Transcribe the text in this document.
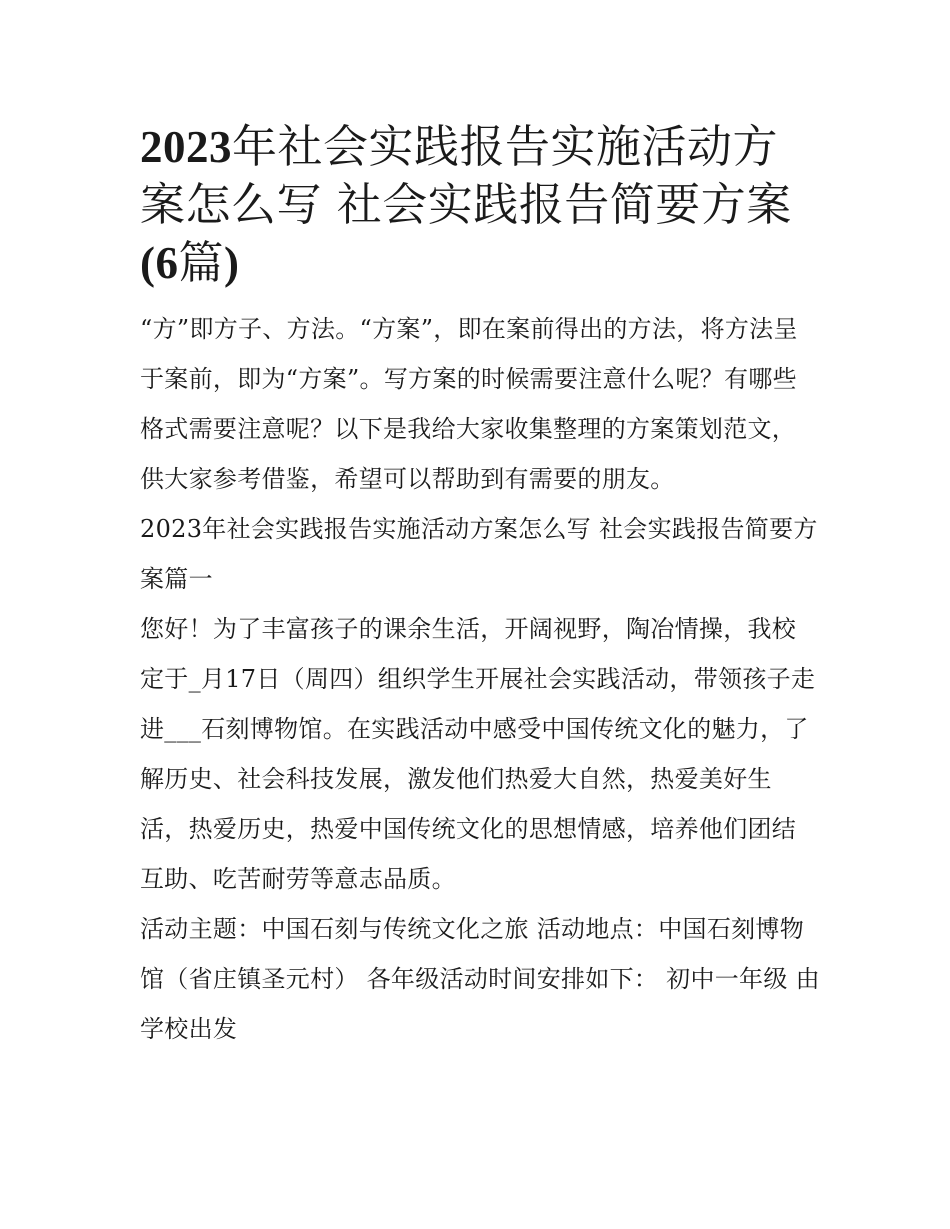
2023年社会实践报告实施活动方案怎么写 社会实践报告简要方案(6篇)

“方”即方子、方法。“方案”，即在案前得出的方法，将方法呈于案前，即为“方案”。写方案的时候需要注意什么呢？有哪些格式需要注意呢？以下是我给大家收集整理的方案策划范文，供大家参考借鉴，希望可以帮助到有需要的朋友。

2023年社会实践报告实施活动方案怎么写 社会实践报告简要方案篇一

您好！为了丰富孩子的课余生活，开阔视野，陶冶情操，我校定于_月17日（周四）组织学生开展社会实践活动，带领孩子走进___石刻博物馆。在实践活动中感受中国传统文化的魅力，了解历史、社会科技发展，激发他们热爱大自然，热爱美好生活，热爱历史，热爱中国传统文化的思想情感，培养他们团结互助、吃苦耐劳等意志品质。

活动主题：中国石刻与传统文化之旅 活动地点：中国石刻博物馆（省庄镇圣元村） 各年级活动时间安排如下： 初中一年级 由学校出发
